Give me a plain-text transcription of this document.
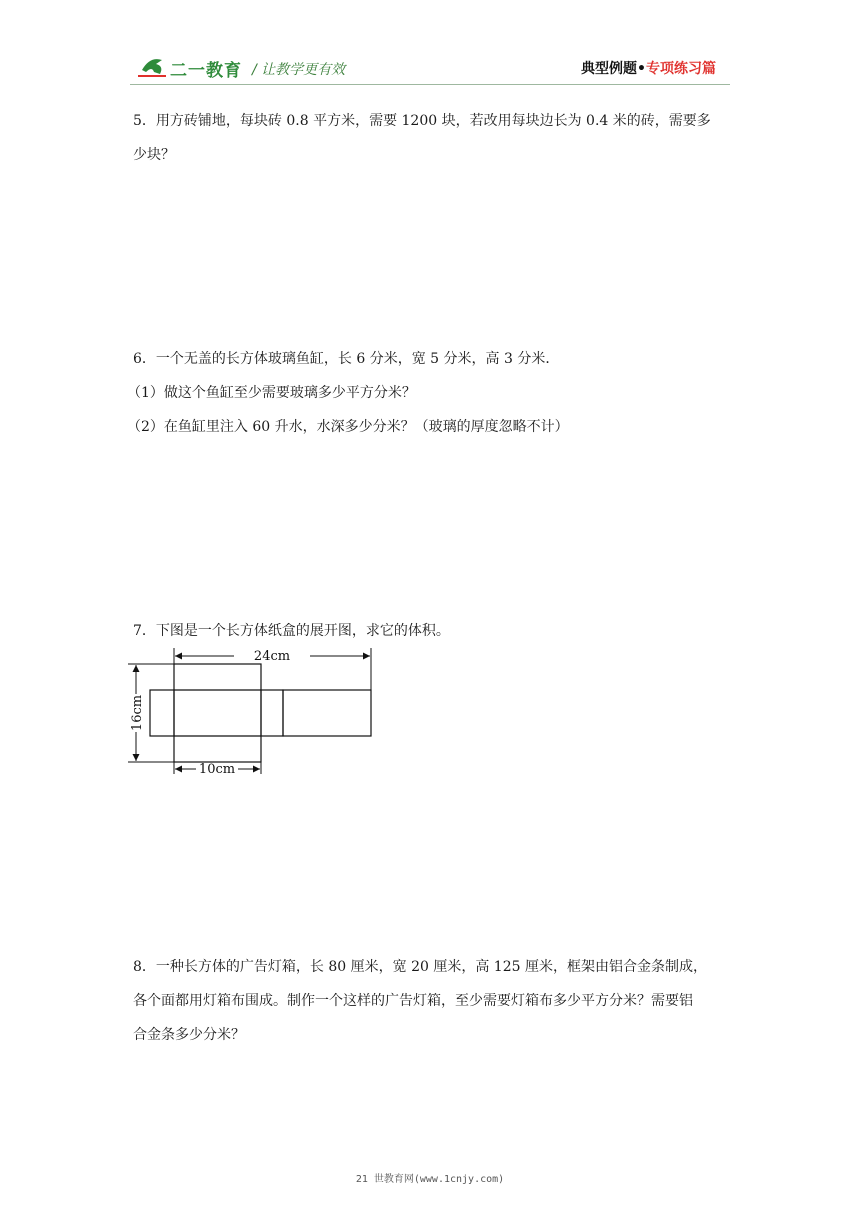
二一教育 / 让教学更有效	典型例题•专项练习篇

5．用方砖铺地，每块砖 0.8 平方米，需要 1200 块，若改用每块边长为 0.4 米的砖，需要多

少块？

6．一个无盖的长方体玻璃鱼缸，长 6 分米，宽 5 分米，高 3 分米．

（1）做这个鱼缸至少需要玻璃多少平方分米？

（2）在鱼缸里注入 60 升水，水深多少分米？（玻璃的厚度忽略不计）

7．下图是一个长方体纸盒的展开图，求它的体积。

24cm
16cm
10cm

8．一种长方体的广告灯箱，长 80 厘米，宽 20 厘米，高 125 厘米，框架由铝合金条制成，

各个面都用灯箱布围成。制作一个这样的广告灯箱，至少需要灯箱布多少平方分米？需要铝

合金条多少分米？

21 世教育网(www.1cnjy.com)
